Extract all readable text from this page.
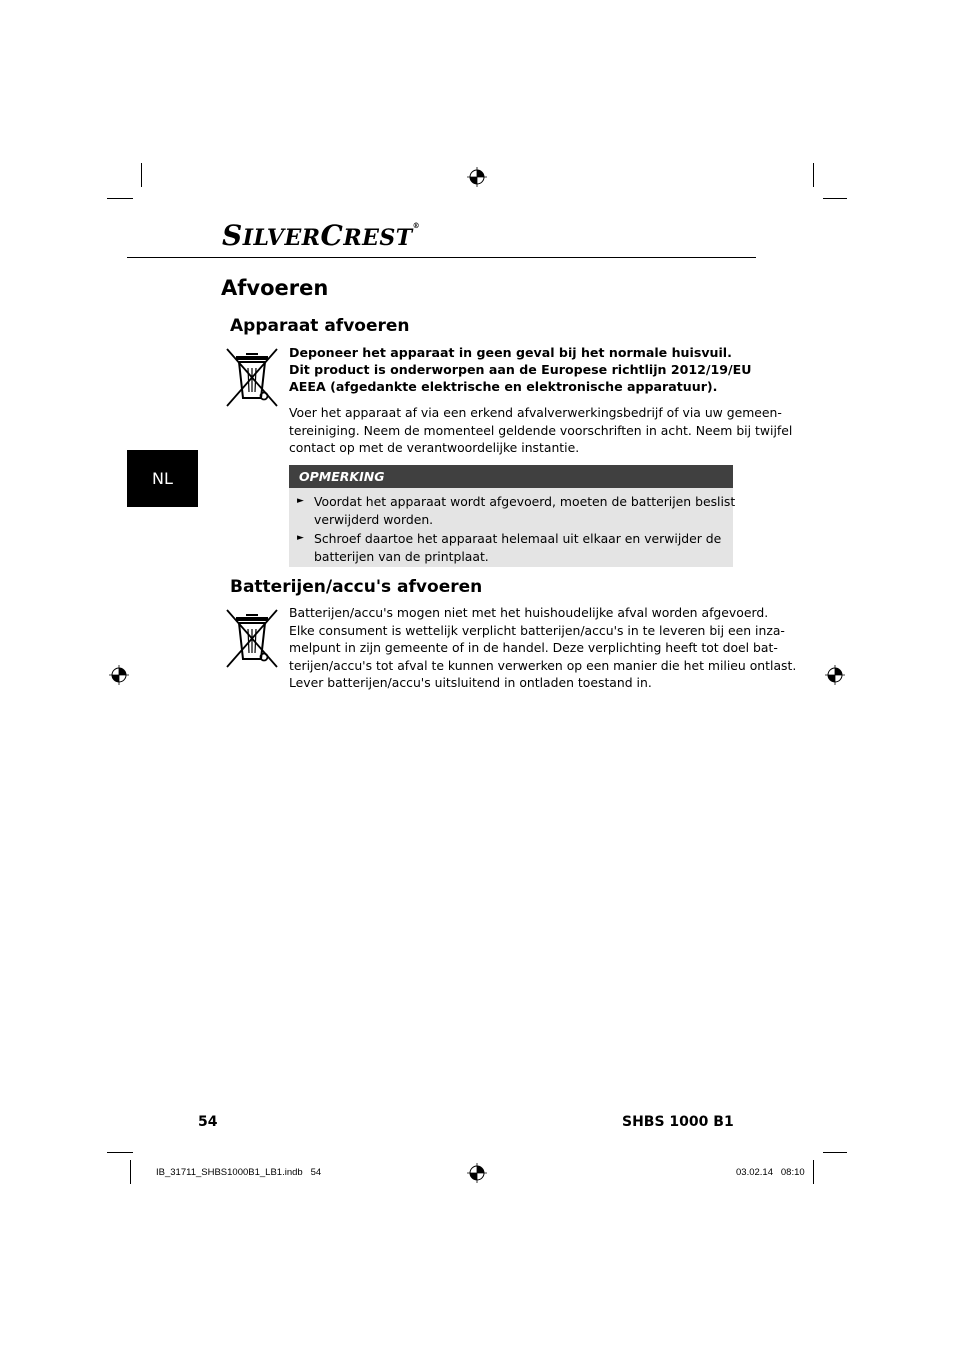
SILVERCREST®
NL
Afvoeren
Apparaat afvoeren
Deponeer het apparaat in geen geval bij het normale huisvuil.
Dit product is onderworpen aan de Europese richtlijn 2012/19/EU
AEEA (afgedankte elektrische en elektronische apparatuur).
Voer het apparaat af via een erkend afvalverwerkingsbedrijf of via uw gemeen-
tereiniging. Neem de momenteel geldende voorschriften in acht. Neem bij twijfel
contact op met de verantwoordelijke instantie.
OPMERKING
► Voordat het apparaat wordt afgevoerd, moeten de batterijen beslist
verwijderd worden.
► Schroef daartoe het apparaat helemaal uit elkaar en verwijder de
batterijen van de printplaat.
Batterijen/accu's afvoeren
Batterijen/accu's mogen niet met het huishoudelijke afval worden afgevoerd.
Elke consument is wettelijk verplicht batterijen/accu's in te leveren bij een inza-
melpunt in zijn gemeente of in de handel. Deze verplichting heeft tot doel bat-
terijen/accu's tot afval te kunnen verwerken op een manier die het milieu ontlast.
Lever batterijen/accu's uitsluitend in ontladen toestand in.
54	SHBS 1000 B1
IB_31711_SHBS1000B1_LB1.indb   54	03.02.14   08:10
